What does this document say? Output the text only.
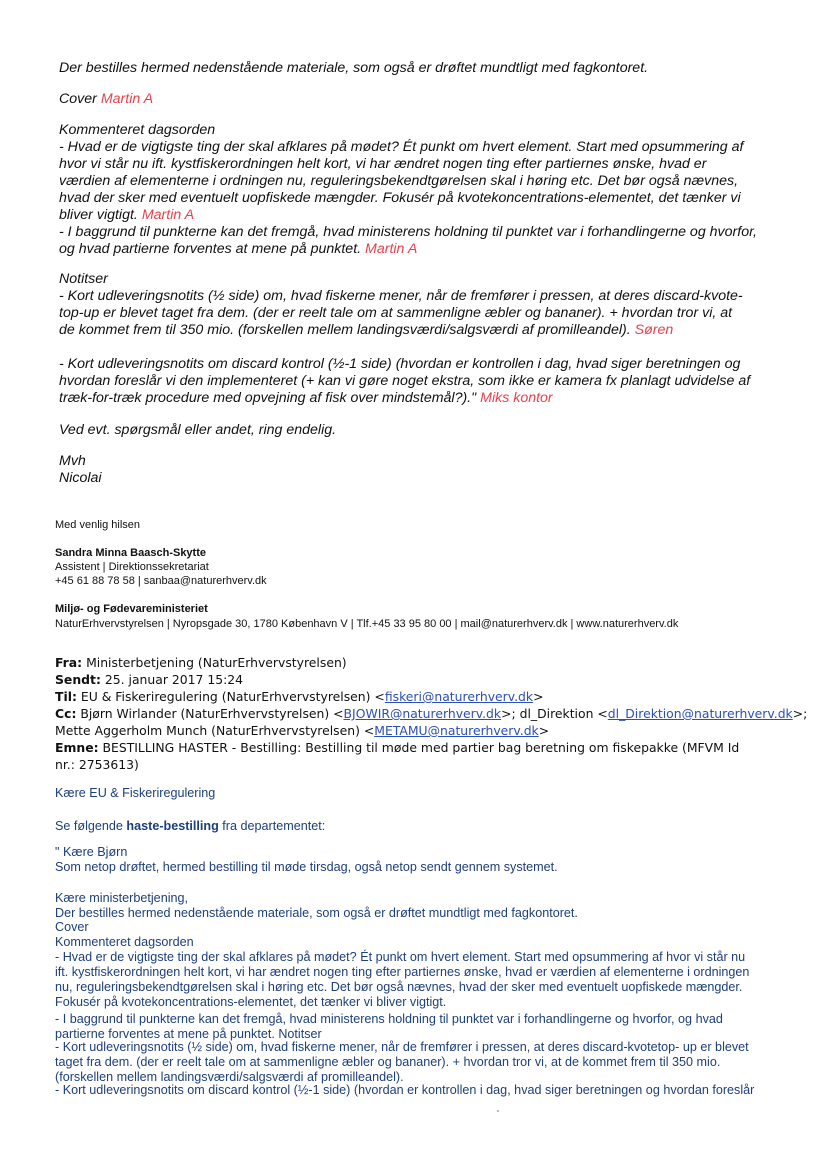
Der bestilles hermed nedenstående materiale, som også er drøftet mundtligt med fagkontoret.
Cover Martin A
Kommenteret dagsorden
- Hvad er de vigtigste ting der skal afklares på mødet? Ét punkt om hvert element. Start med opsummering af hvor vi står nu ift. kystfiskerordningen helt kort, vi har ændret nogen ting efter partiernes ønske, hvad er værdien af elementerne i ordningen nu, reguleringsbekendtgørelsen skal i høring etc. Det bør også nævnes, hvad der sker med eventuelt uopfiskede mængder. Fokusér på kvotekoncentrations-elementet, det tænker vi bliver vigtigt. Martin A
- I baggrund til punkterne kan det fremgå, hvad ministerens holdning til punktet var i forhandlingerne og hvorfor, og hvad partierne forventes at mene på punktet. Martin A
Notitser
- Kort udleveringsnotits (½ side) om, hvad fiskerne mener, når de fremfører i pressen, at deres discard-kvote-top-up er blevet taget fra dem. (der er reelt tale om at sammenligne æbler og bananer). + hvordan tror vi, at de kommet frem til 350 mio. (forskellen mellem landingsværdi/salgsværdi af promilleandel). Søren
- Kort udleveringsnotits om discard kontrol (½-1 side) (hvordan er kontrollen i dag, hvad siger beretningen og hvordan foreslår vi den implementeret (+ kan vi gøre noget ekstra, som ikke er kamera fx planlagt udvidelse af træk-for-træk procedure med opvejning af fisk over mindstemål?)." Miks kontor
Ved evt. spørgsmål eller andet, ring endelig.
Mvh
Nicolai
Med venlig hilsen
Sandra Minna Baasch-Skytte
Assistent | Direktionssekretariat
+45 61 88 78 58 | sanbaa@naturerhverv.dk
Miljø- og Fødevareministeriet
NaturErhvervstyrelsen | Nyropsgade 30, 1780 København V | Tlf.+45 33 95 80 00 | mail@naturerhverv.dk | www.naturerhverv.dk
Fra: Ministerbetjening (NaturErhvervstyrelsen)
Sendt: 25. januar 2017 15:24
Til: EU & Fiskeriregulering (NaturErhvervstyrelsen) <fiskeri@naturerhverv.dk>
Cc: Bjørn Wirlander (NaturErhvervstyrelsen) <BJOWIR@naturerhverv.dk>; dl_Direktion <dl_Direktion@naturerhverv.dk>;
Mette Aggerholm Munch (NaturErhvervstyrelsen) <METAMU@naturerhverv.dk>
Emne: BESTILLING HASTER - Bestilling: Bestilling til møde med partier bag beretning om fiskepakke (MFVM Id nr.: 2753613)
Kære EU & Fiskeriregulering
Se følgende haste-bestilling fra departementet:
" Kære Bjørn
Som netop drøftet, hermed bestilling til møde tirsdag, også netop sendt gennem systemet.
Kære ministerbetjening,
Der bestilles hermed nedenstående materiale, som også er drøftet mundtligt med fagkontoret.
Cover
Kommenteret dagsorden
- Hvad er de vigtigste ting der skal afklares på mødet? Ét punkt om hvert element. Start med opsummering af hvor vi står nu ift. kystfiskerordningen helt kort, vi har ændret nogen ting efter partiernes ønske, hvad er værdien af elementerne i ordningen nu, reguleringsbekendtgørelsen skal i høring etc. Det bør også nævnes, hvad der sker med eventuelt uopfiskede mængder. Fokusér på kvotekoncentrations-elementet, det tænker vi bliver vigtigt.
- I baggrund til punkterne kan det fremgå, hvad ministerens holdning til punktet var i forhandlingerne og hvorfor, og hvad partierne forventes at mene på punktet. Notitser
- Kort udleveringsnotits (½ side) om, hvad fiskerne mener, når de fremfører i pressen, at deres discard-kvotetop- up er blevet taget fra dem. (der er reelt tale om at sammenligne æbler og bananer). + hvordan tror vi, at de kommet frem til 350 mio. (forskellen mellem landingsværdi/salgsværdi af promilleandel).
- Kort udleveringsnotits om discard kontrol (½-1 side) (hvordan er kontrollen i dag, hvad siger beretningen og hvordan foreslår
